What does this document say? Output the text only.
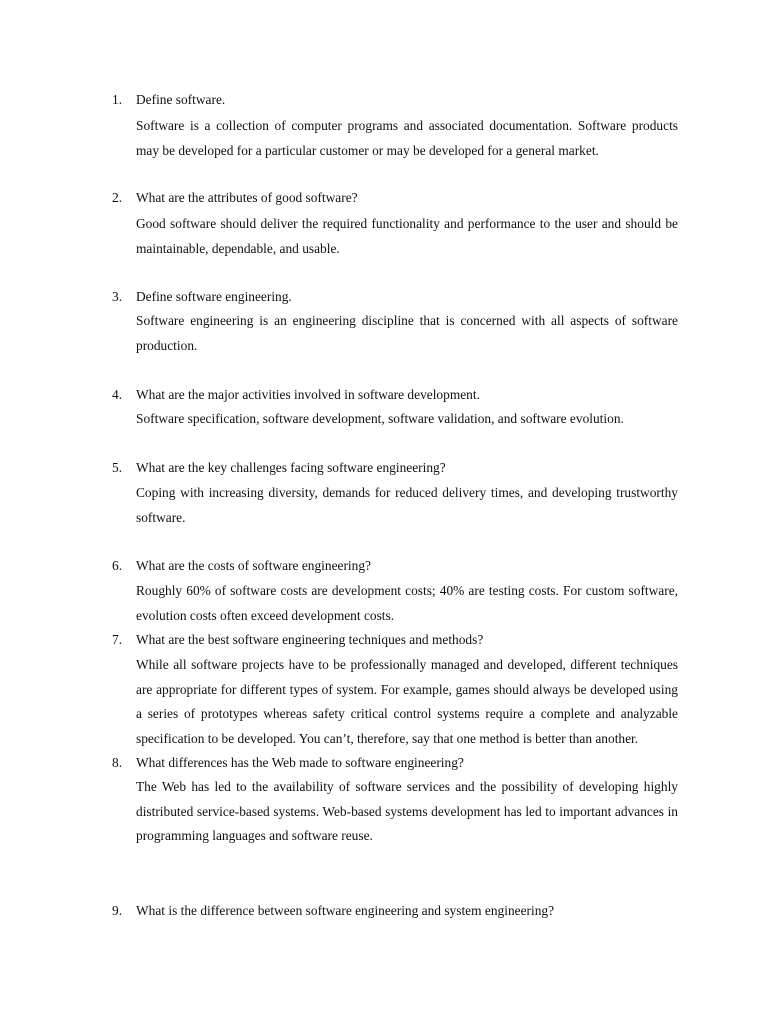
1. Define software.
Software is a collection of computer programs and associated documentation. Software products may be developed for a particular customer or may be developed for a general market.
2. What are the attributes of good software?
Good software should deliver the required functionality and performance to the user and should be maintainable, dependable, and usable.
3. Define software engineering.
Software engineering is an engineering discipline that is concerned with all aspects of software production.
4. What are the major activities involved in software development.
Software specification, software development, software validation, and software evolution.
5. What are the key challenges facing software engineering?
Coping with increasing diversity, demands for reduced delivery times, and developing trustworthy software.
6. What are the costs of software engineering?
Roughly 60% of software costs are development costs; 40% are testing costs. For custom software, evolution costs often exceed development costs.
7. What are the best software engineering techniques and methods?
While all software projects have to be professionally managed and developed, different techniques are appropriate for different types of system. For example, games should always be developed using a series of prototypes whereas safety critical control systems require a complete and analyzable specification to be developed. You can’t, therefore, say that one method is better than another.
8. What differences has the Web made to software engineering?
The Web has led to the availability of software services and the possibility of developing highly distributed service-based systems. Web-based systems development has led to important advances in programming languages and software reuse.
9. What is the difference between software engineering and system engineering?
